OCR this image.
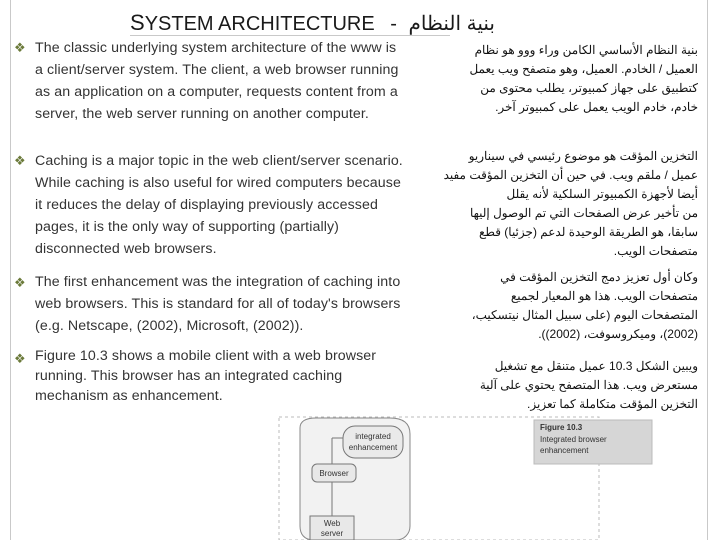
SYSTEM ARCHITECTURE - بنية النظام
❖ The classic underlying system architecture of the www is
a client/server system. The client, a web browser running
as an application on a computer, requests content from a
server, the web server running on another computer.
بنية النظام الأساسي الكامن وراء ووو هو نظام
العميل / الخادم. العميل، وهو متصفح ويب يعمل
كتطبيق على جهاز كمبيوتر، يطلب محتوى من
خادم، خادم الويب يعمل على كمبيوتر آخر.
❖ Caching is a major topic in the web client/server scenario.
While caching is also useful for wired computers because
it reduces the delay of displaying previously accessed
pages, it is the only way of supporting (partially)
disconnected web browsers.
التخزين المؤقت هو موضوع رئيسي في سيناريو
عميل / ملقم ويب. في حين أن التخزين المؤقت مفيد
أيضا لأجهزة الكمبيوتر السلكية لأنه يقلل
من تأخير عرض الصفحات التي تم الوصول إليها
سابقا، هو الطريقة الوحيدة لدعم (جزئيا) قطع
متصفحات الويب.
❖ The first enhancement was the integration of caching into
web browsers. This is standard for all of today's browsers
(e.g. Netscape, (2002), Microsoft, (2002)).
وكان أول تعزيز دمج التخزين المؤقت في
متصفحات الويب. هذا هو المعيار لجميع
المتصفحات اليوم (على سبيل المثال نيتسكيب،
(2002)، وميكروسوفت، (2002)).
❖ Figure 10.3 shows a mobile client with a web browser
running. This browser has an integrated caching
mechanism as enhancement.
ويبين الشكل 10.3 عميل متنقل مع تشغيل
مستعرض ويب. هذا المتصفح يحتوي على آلية
التخزين المؤقت متكاملة كما تعزيز.
integrated
enhancement
Browser
Web
server
Figure 10.3
Integrated browser
enhancement
